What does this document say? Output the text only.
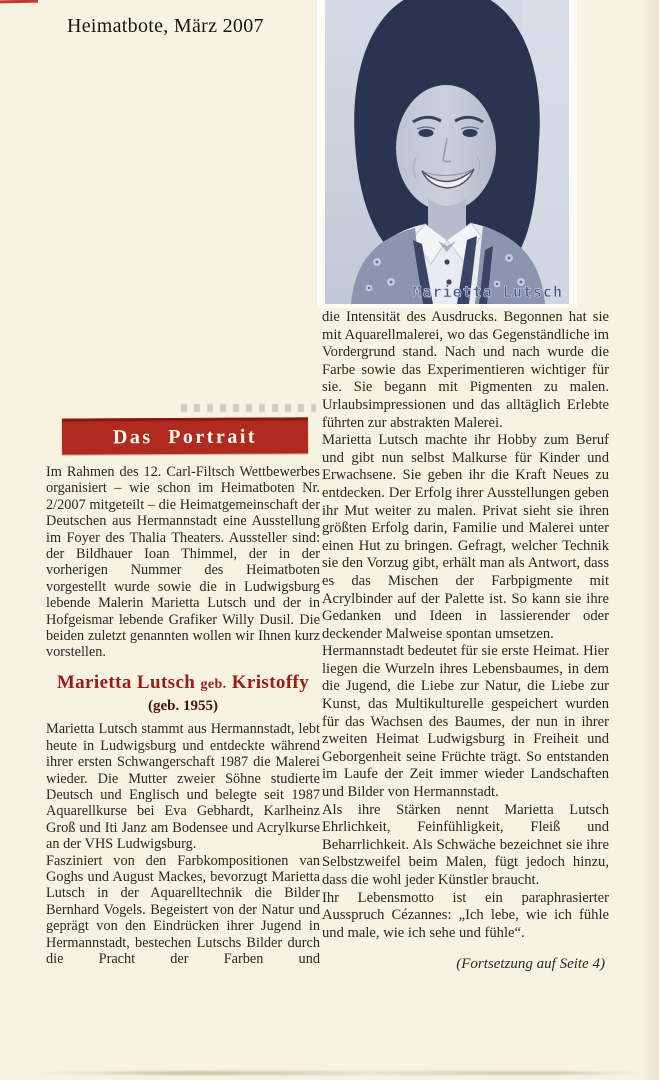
Heimatbote, März 2007
Marietta Lutsch
Das Portrait

Im Rahmen des 12. Carl-Filtsch Wettbewerbes organisiert – wie schon im Heimatboten Nr. 2/2007 mitgeteilt – die Heimatgemeinschaft der Deutschen aus Hermannstadt eine Ausstellung im Foyer des Thalia Theaters. Aussteller sind: der Bildhauer Ioan Thimmel, der in der vorherigen Nummer des Heimatboten vorgestellt wurde sowie die in Ludwigsburg lebende Malerin Marietta Lutsch und der in Hofgeismar lebende Grafiker Willy Dusil. Die beiden zuletzt genannten wollen wir Ihnen kurz vorstellen.

Marietta Lutsch geb. Kristoffy
(geb. 1955)

Marietta Lutsch stammt aus Hermannstadt, lebt heute in Ludwigsburg und entdeckte während ihrer ersten Schwangerschaft 1987 die Malerei wieder. Die Mutter zweier Söhne studierte Deutsch und Englisch und belegte seit 1987 Aquarellkurse bei Eva Gebhardt, Karlheinz Groß und Iti Janz am Bodensee und Acrylkurse an der VHS Ludwigsburg.

Fasziniert von den Farbkompositionen van Goghs und August Mackes, bevorzugt Marietta Lutsch in der Aquarelltechnik die Bilder Bernhard Vogels. Begeistert von der Natur und geprägt von den Eindrücken ihrer Jugend in Hermannstadt, bestechen Lutschs Bilder durch die Pracht der Farben und

die Intensität des Ausdrucks. Begonnen hat sie mit Aquarellmalerei, wo das Gegenständliche im Vordergrund stand. Nach und nach wurde die Farbe sowie das Experimentieren wichtiger für sie. Sie begann mit Pigmenten zu malen. Urlaubsimpressionen und das alltäglich Erlebte führten zur abstrakten Malerei.

Marietta Lutsch machte ihr Hobby zum Beruf und gibt nun selbst Malkurse für Kinder und Erwachsene. Sie geben ihr die Kraft Neues zu entdecken. Der Erfolg ihrer Ausstellungen geben ihr Mut weiter zu malen. Privat sieht sie ihren größten Erfolg darin, Familie und Malerei unter einen Hut zu bringen. Gefragt, welcher Technik sie den Vorzug gibt, erhält man als Antwort, dass es das Mischen der Farbpigmente mit Acrylbinder auf der Palette ist. So kann sie ihre Gedanken und Ideen in lassierender oder deckender Malweise spontan umsetzen.

Hermannstadt bedeutet für sie erste Heimat. Hier liegen die Wurzeln ihres Lebensbaumes, in dem die Jugend, die Liebe zur Natur, die Liebe zur Kunst, das Multikulturelle gespeichert wurden für das Wachsen des Baumes, der nun in ihrer zweiten Heimat Ludwigsburg in Freiheit und Geborgenheit seine Früchte trägt. So entstanden im Laufe der Zeit immer wieder Landschaften und Bilder von Hermannstadt.

Als ihre Stärken nennt Marietta Lutsch Ehrlichkeit, Feinfühligkeit, Fleiß und Beharrlichkeit. Als Schwäche bezeichnet sie ihre Selbstzweifel beim Malen, fügt jedoch hinzu, dass die wohl jeder Künstler braucht.

Ihr Lebensmotto ist ein paraphrasierter Ausspruch Cézannes: „Ich lebe, wie ich fühle und male, wie ich sehe und fühle“.

(Fortsetzung auf Seite 4)
